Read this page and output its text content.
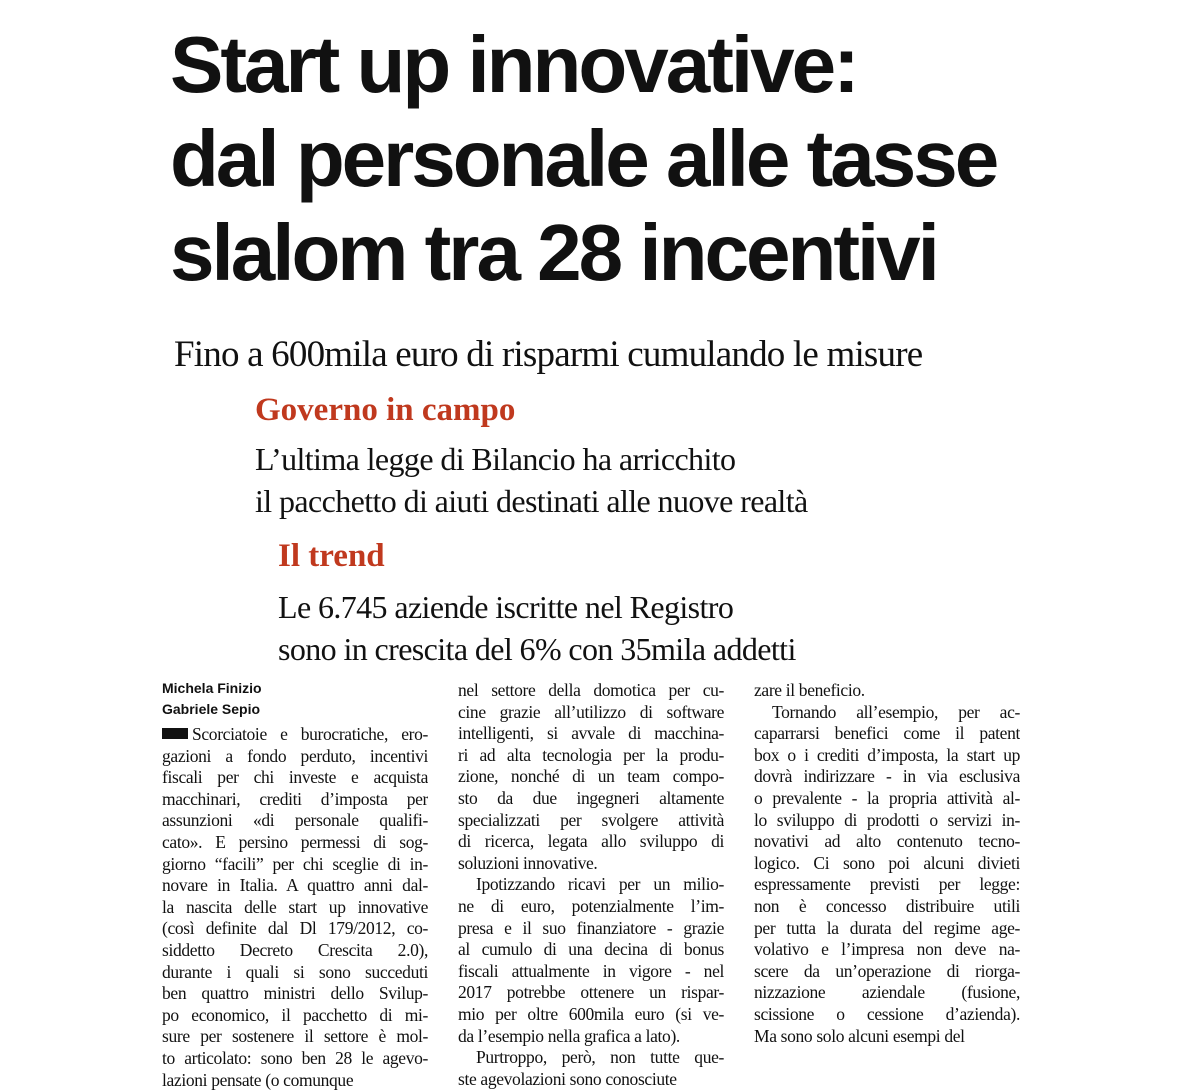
Start up innovative:
dal personale alle tasse
slalom tra 28 incentivi
Fino a 600mila euro di risparmi cumulando le misure
Governo in campo
L’ultima legge di Bilancio ha arricchito
il pacchetto di aiuti destinati alle nuove realtà
Il trend
Le 6.745 aziende iscritte nel Registro
sono in crescita del 6% con 35mila addetti
Michela Finizio
Gabriele Sepio
Scorciatoie e burocratiche, ero-
gazioni a fondo perduto, incentivi
fiscali per chi investe e acquista
macchinari, crediti d’imposta per
assunzioni «di personale qualifi-
cato». E persino permessi di sog-
giorno “facili” per chi sceglie di in-
novare in Italia. A quattro anni dal-
la nascita delle start up innovative
(così definite dal Dl 179/2012, co-
siddetto Decreto Crescita 2.0),
durante i quali si sono succeduti
ben quattro ministri dello Svilup-
po economico, il pacchetto di mi-
sure per sostenere il settore è mol-
to articolato: sono ben 28 le agevo-
lazioni pensate (o comunque
nel settore della domotica per cu-
cine grazie all’utilizzo di software
intelligenti, si avvale di macchina-
ri ad alta tecnologia per la produ-
zione, nonché di un team compo-
sto da due ingegneri altamente
specializzati per svolgere attività
di ricerca, legata allo sviluppo di
soluzioni innovative.
Ipotizzando ricavi per un milio-
ne di euro, potenzialmente l’im-
presa e il suo finanziatore - grazie
al cumulo di una decina di bonus
fiscali attualmente in vigore - nel
2017 potrebbe ottenere un rispar-
mio per oltre 600mila euro (si ve-
da l’esempio nella grafica a lato).
Purtroppo, però, non tutte que-
ste agevolazioni sono conosciute
zare il beneficio.
Tornando all’esempio, per ac-
caparrarsi benefici come il patent
box o i crediti d’imposta, la start up
dovrà indirizzare - in via esclusiva
o prevalente - la propria attività al-
lo sviluppo di prodotti o servizi in-
novativi ad alto contenuto tecno-
logico. Ci sono poi alcuni divieti
espressamente previsti per legge:
non è concesso distribuire utili
per tutta la durata del regime age-
volativo e l’impresa non deve na-
scere da un’operazione di riorga-
nizzazione aziendale (fusione,
scissione o cessione d’azienda).
Ma sono solo alcuni esempi del
